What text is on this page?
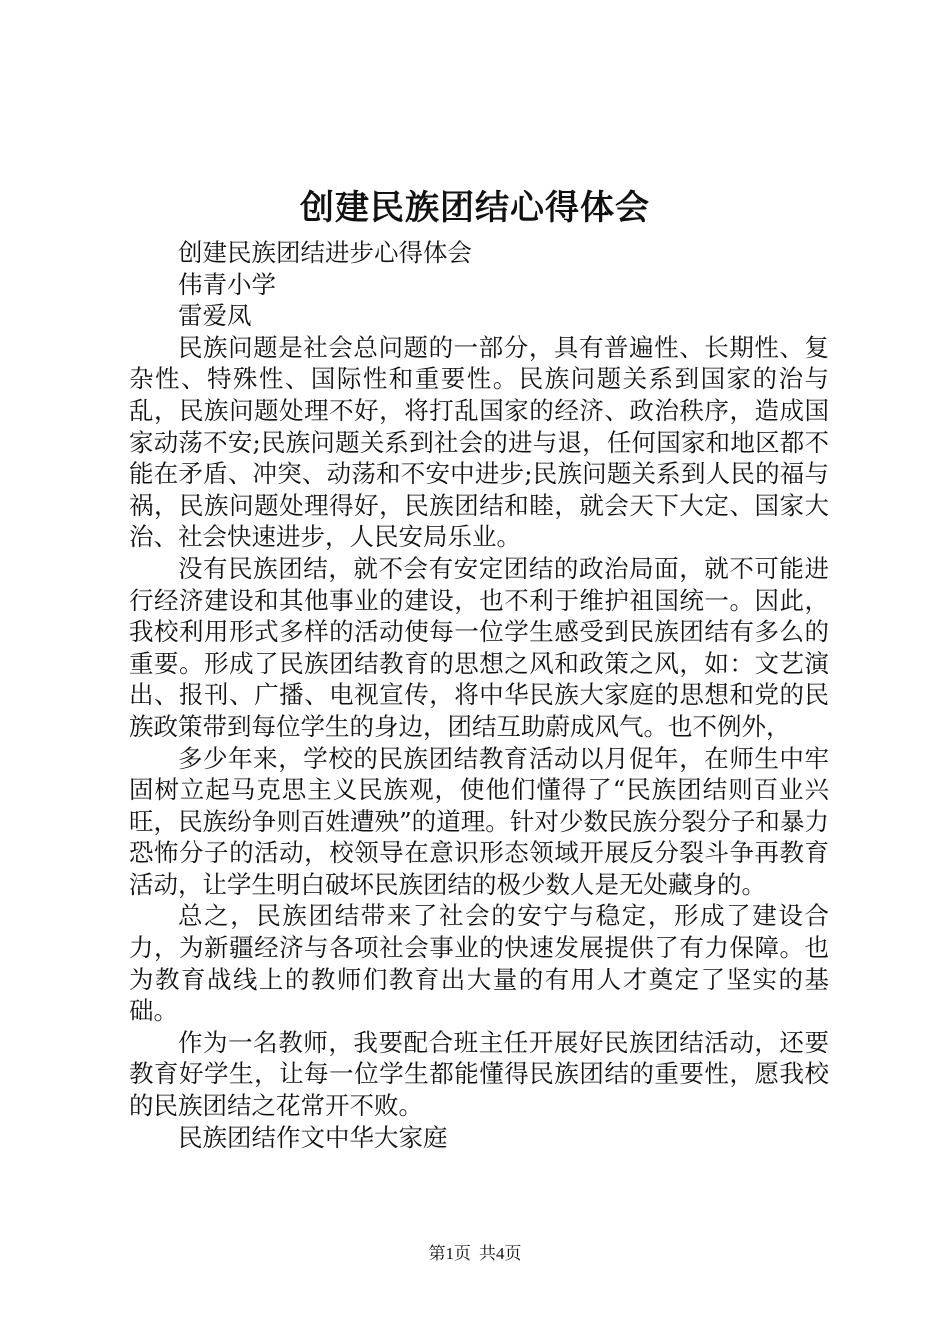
创建民族团结心得体会

创建民族团结进步心得体会

伟青小学

雷爱凤

民族问题是社会总问题的一部分，具有普遍性、长期性、复杂性、特殊性、国际性和重要性。民族问题关系到国家的治与乱，民族问题处理不好，将打乱国家的经济、政治秩序，造成国家动荡不安;民族问题关系到社会的进与退，任何国家和地区都不能在矛盾、冲突、动荡和不安中进步;民族问题关系到人民的福与祸，民族问题处理得好，民族团结和睦，就会天下大定、国家大治、社会快速进步，人民安局乐业。

没有民族团结，就不会有安定团结的政治局面，就不可能进行经济建设和其他事业的建设，也不利于维护祖国统一。因此，我校利用形式多样的活动使每一位学生感受到民族团结有多么的重要。形成了民族团结教育的思想之风和政策之风，如：文艺演出、报刊、广播、电视宣传，将中华民族大家庭的思想和党的民族政策带到每位学生的身边，团结互助蔚成风气。也不例外，

多少年来，学校的民族团结教育活动以月促年，在师生中牢固树立起马克思主义民族观，使他们懂得了“民族团结则百业兴旺，民族纷争则百姓遭殃”的道理。针对少数民族分裂分子和暴力恐怖分子的活动，校领导在意识形态领域开展反分裂斗争再教育活动，让学生明白破坏民族团结的极少数人是无处藏身的。

总之，民族团结带来了社会的安宁与稳定，形成了建设合力，为新疆经济与各项社会事业的快速发展提供了有力保障。也为教育战线上的教师们教育出大量的有用人才奠定了坚实的基础。

作为一名教师，我要配合班主任开展好民族团结活动，还要教育好学生，让每一位学生都能懂得民族团结的重要性，愿我校的民族团结之花常开不败。

民族团结作文中华大家庭

第1页 共4页
